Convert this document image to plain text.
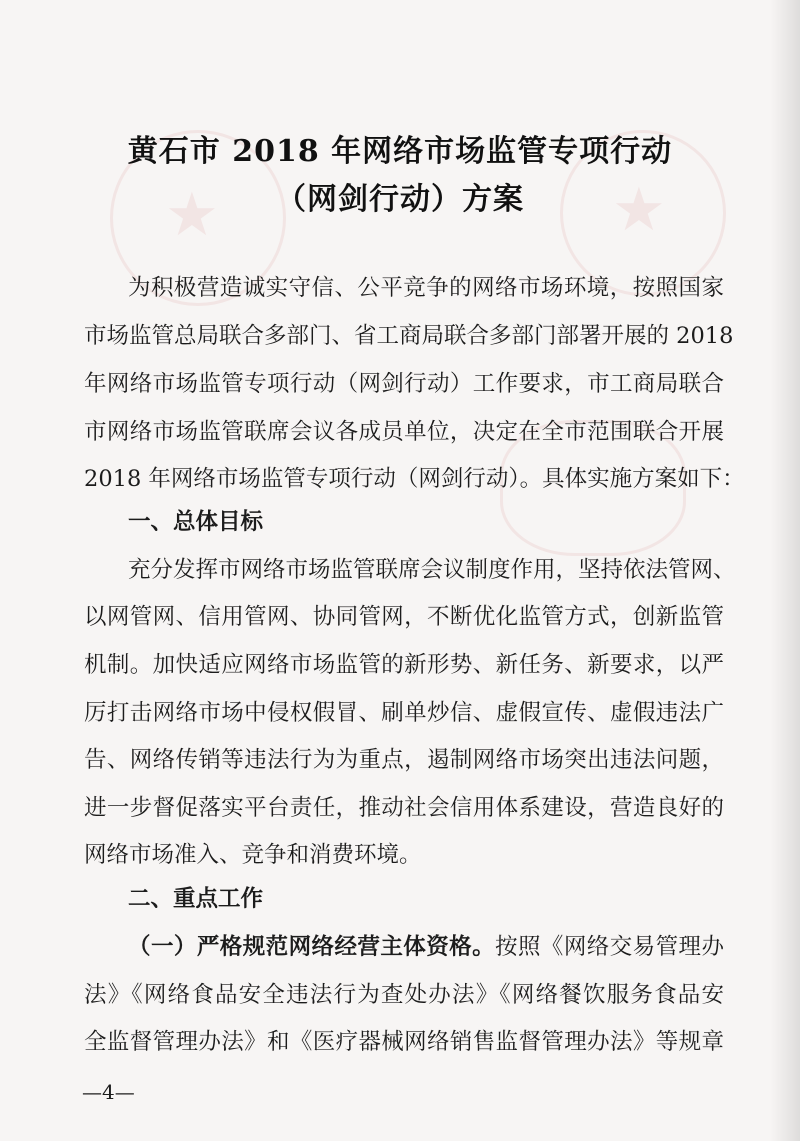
★	★
黄石市 2018 年网络市场监管专项行动
（网剑行动）方案
为积极营造诚实守信、公平竞争的网络市场环境，按照国家
市场监管总局联合多部门、省工商局联合多部门部署开展的 2018
年网络市场监管专项行动（网剑行动）工作要求，市工商局联合
市网络市场监管联席会议各成员单位，决定在全市范围联合开展
2018 年网络市场监管专项行动（网剑行动）。具体实施方案如下：
一、总体目标
充分发挥市网络市场监管联席会议制度作用，坚持依法管网、
以网管网、信用管网、协同管网，不断优化监管方式，创新监管
机制。加快适应网络市场监管的新形势、新任务、新要求，以严
厉打击网络市场中侵权假冒、刷单炒信、虚假宣传、虚假违法广
告、网络传销等违法行为为重点，遏制网络市场突出违法问题，
进一步督促落实平台责任，推动社会信用体系建设，营造良好的
网络市场准入、竞争和消费环境。
二、重点工作
（一）严格规范网络经营主体资格。按照《网络交易管理办
法》《网络食品安全违法行为查处办法》《网络餐饮服务食品安
全监督管理办法》和《医疗器械网络销售监督管理办法》等规章
—4—
